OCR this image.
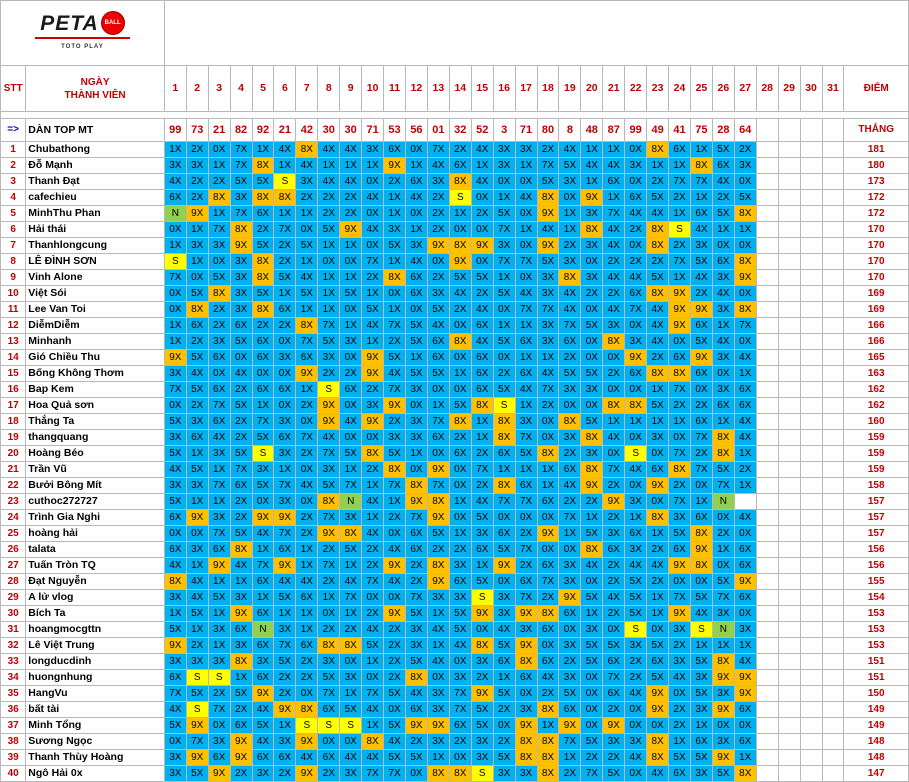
PETA BALL
TOTO PLAY		BẢNG PHONG ĐỘ XỔ SỐ MIỀN TRUNG - THÁNG 08																															
STT	NGÀY
THÀNH VIÊN	1	2	3	4	5	6	7	8	9	10	11	12	13	14	15	16	17	18	19	20	21	22	23	24	25	26	27	28	29	30	31	ĐIỂM

=>	DÀN TOP MT	99	73	21	82	92	21	42	30	30	71	53	56	01	32	52	3	71	80	8	48	87	99	49	41	75	28	64					THẮNG
1	Chubathong	1X	2X	0X	7X	1X	4X	8X	4X	4X	3X	6X	0X	7X	2X	4X	3X	3X	2X	4X	1X	1X	0X	8X	6X	1X	5X	2X					181
2	Đỗ Mạnh	3X	3X	1X	7X	8X	1X	4X	1X	1X	1X	9X	1X	4X	6X	1X	3X	1X	7X	5X	4X	4X	3X	1X	1X	8X	6X	3X					180
3	Thanh Đạt	4X	2X	2X	5X	5X	S	3X	4X	4X	0X	2X	6X	3X	8X	4X	0X	0X	5X	3X	1X	6X	0X	2X	7X	7X	4X	0X					173
4	cafechieu	6X	2X	8X	3X	8X	8X	2X	2X	2X	4X	1X	4X	2X	S	0X	1X	4X	8X	0X	9X	1X	6X	5X	2X	1X	2X	5X					172
5	MinhThu Phan	N	9X	1X	7X	6X	1X	1X	2X	2X	0X	1X	0X	2X	1X	2X	5X	0X	9X	1X	3X	7X	4X	4X	1X	6X	5X	8X					172
6	Hải thái	0X	1X	7X	8X	2X	7X	0X	5X	9X	4X	3X	1X	2X	0X	0X	7X	1X	4X	1X	8X	4X	2X	8X	S	4X	1X	1X					170
7	Thanhlongcung	1X	3X	3X	9X	5X	2X	5X	1X	1X	0X	5X	3X	9X	8X	9X	3X	0X	9X	2X	3X	4X	0X	8X	2X	3X	0X	0X					170
8	LÊ ĐÌNH SƠN	S	1X	0X	3X	8X	2X	1X	0X	0X	7X	1X	4X	0X	9X	0X	7X	7X	5X	3X	0X	2X	2X	2X	7X	5X	6X	8X					170
9	Vinh Alone	7X	0X	5X	3X	8X	5X	4X	1X	1X	2X	8X	6X	2X	5X	5X	1X	0X	3X	8X	3X	4X	4X	5X	1X	4X	3X	9X					170
10	Việt Sói	0X	5X	8X	3X	5X	1X	5X	1X	5X	1X	0X	6X	3X	4X	2X	5X	4X	3X	4X	2X	2X	6X	8X	9X	2X	4X	0X					169
11	Lee Van Toi	0X	8X	2X	3X	8X	6X	1X	1X	0X	5X	1X	0X	5X	2X	4X	0X	7X	7X	4X	0X	4X	7X	4X	9X	9X	3X	8X					169
12	DiễmDiễm	1X	6X	2X	6X	2X	2X	8X	7X	1X	4X	7X	5X	4X	0X	6X	1X	1X	3X	7X	5X	3X	0X	4X	9X	6X	1X	7X					166
13	Minhanh	1X	2X	3X	5X	6X	0X	7X	5X	3X	1X	2X	5X	6X	8X	4X	5X	6X	3X	6X	0X	8X	3X	4X	0X	5X	4X	0X					166
14	Gió Chiều Thu	9X	5X	6X	0X	6X	3X	6X	3X	0X	9X	5X	1X	6X	0X	6X	0X	1X	1X	2X	0X	0X	9X	2X	6X	9X	3X	4X					165
15	Bống Không Thơm	3X	4X	0X	4X	0X	0X	9X	2X	2X	9X	4X	5X	5X	1X	6X	2X	6X	4X	5X	5X	2X	6X	8X	8X	6X	0X	1X					163
16	Bap Kem	7X	5X	6X	2X	6X	6X	1X	S	6X	2X	7X	3X	0X	0X	6X	5X	4X	7X	3X	3X	0X	0X	1X	7X	0X	3X	6X					162
17	Hoa Quả sơn	0X	2X	7X	5X	1X	0X	2X	9X	0X	3X	9X	0X	1X	5X	8X	S	1X	2X	0X	0X	8X	8X	5X	2X	2X	6X	6X					162
18	Thắng Ta	5X	3X	6X	2X	7X	3X	0X	9X	4X	9X	2X	3X	7X	8X	1X	8X	3X	0X	8X	5X	1X	1X	1X	1X	6X	1X	4X					160
19	thangquang	3X	6X	4X	2X	5X	6X	7X	4X	0X	0X	3X	3X	6X	2X	1X	8X	7X	0X	3X	8X	4X	0X	3X	0X	7X	8X	4X					159
20	Hoàng Béo	5X	1X	3X	5X	S	3X	2X	7X	5X	8X	5X	1X	0X	6X	2X	6X	5X	8X	2X	3X	0X	S	0X	7X	2X	8X	1X					159
21	Trần Vũ	4X	5X	1X	7X	3X	1X	0X	3X	1X	2X	8X	0X	9X	0X	7X	1X	1X	1X	6X	8X	7X	4X	6X	8X	7X	5X	2X					159
22	Bưởi Bông Mít	3X	3X	7X	6X	5X	7X	4X	5X	7X	1X	7X	8X	7X	0X	2X	8X	6X	1X	4X	9X	2X	0X	9X	2X	0X	7X	1X					158
23	cuthoc272727	5X	1X	1X	2X	0X	3X	0X	8X	N	4X	1X	9X	8X	1X	4X	7X	7X	6X	2X	2X	9X	3X	0X	7X	1X	N						157
24	Trình Gia Nghi	6X	9X	3X	2X	9X	9X	2X	7X	3X	1X	2X	7X	9X	0X	5X	0X	0X	0X	7X	1X	2X	1X	8X	3X	6X	0X	4X					157
25	hoàng hải	0X	0X	7X	5X	4X	7X	2X	9X	8X	4X	0X	6X	5X	1X	3X	6X	2X	9X	1X	5X	3X	6X	1X	5X	8X	2X	0X					157
26	talata	6X	3X	6X	8X	1X	6X	1X	2X	5X	2X	4X	6X	2X	2X	6X	5X	7X	0X	0X	8X	6X	3X	2X	6X	9X	1X	6X					156
27	Tuấn Tròn TQ	4X	1X	9X	4X	7X	9X	1X	7X	1X	2X	9X	2X	8X	3X	1X	9X	2X	6X	3X	4X	2X	4X	4X	9X	8X	0X	6X					156
28	Đạt Nguyễn	8X	4X	1X	1X	6X	4X	4X	2X	4X	7X	4X	2X	9X	6X	5X	0X	6X	7X	3X	0X	2X	5X	2X	0X	0X	5X	9X					155
29	A lử vlog	3X	4X	5X	3X	1X	5X	6X	1X	7X	0X	0X	7X	3X	3X	S	3X	7X	2X	9X	5X	4X	5X	1X	7X	5X	7X	6X					154
30	Bích Ta	1X	5X	1X	9X	6X	1X	1X	0X	1X	2X	9X	5X	1X	5X	9X	3X	9X	8X	6X	1X	2X	5X	1X	9X	4X	3X	0X					153
31	hoangmocgttn	5X	1X	3X	6X	N	3X	1X	2X	2X	4X	2X	3X	4X	5X	0X	4X	3X	6X	0X	3X	0X	S	0X	3X	S	N	3X					153
32	Lê Việt Trung	9X	2X	1X	3X	6X	7X	6X	8X	8X	5X	2X	3X	1X	4X	8X	5X	9X	0X	3X	5X	5X	3X	5X	2X	1X	1X	1X					153
33	longducdinh	3X	3X	3X	8X	3X	5X	2X	3X	0X	1X	2X	5X	4X	0X	3X	6X	8X	6X	2X	5X	6X	2X	6X	3X	5X	8X	4X					151
34	huongnhung	6X	S	S	1X	6X	2X	2X	5X	3X	0X	2X	8X	0X	3X	2X	1X	6X	4X	3X	0X	7X	2X	5X	4X	3X	9X	9X					151
35	HangVu	7X	5X	2X	5X	9X	2X	0X	7X	1X	7X	5X	4X	3X	7X	9X	5X	0X	2X	5X	0X	6X	4X	9X	0X	5X	3X	9X					150
36	bất tài	4X	S	7X	2X	4X	9X	8X	6X	5X	4X	0X	6X	3X	7X	5X	2X	3X	8X	6X	0X	2X	0X	9X	2X	3X	9X	6X					149
37	Minh Tổng	5X	9X	0X	6X	5X	1X	S	S	S	1X	5X	9X	9X	6X	5X	0X	9X	1X	9X	0X	9X	0X	0X	2X	1X	0X	0X					149
38	Sương Ngọc	0X	7X	3X	9X	4X	3X	9X	0X	0X	8X	4X	2X	3X	2X	3X	2X	8X	8X	7X	5X	3X	3X	8X	1X	6X	3X	6X					148
39	Thanh Thùy Hoàng	3X	9X	6X	9X	6X	6X	4X	6X	4X	4X	5X	5X	1X	0X	3X	5X	8X	8X	1X	2X	2X	4X	8X	5X	5X	9X	1X					148
40	Ngô Hải 0x	3X	5X	9X	2X	3X	2X	9X	2X	3X	7X	7X	0X	8X	8X	S	3X	3X	8X	2X	7X	5X	0X	4X	6X	3X	5X	8X					147
